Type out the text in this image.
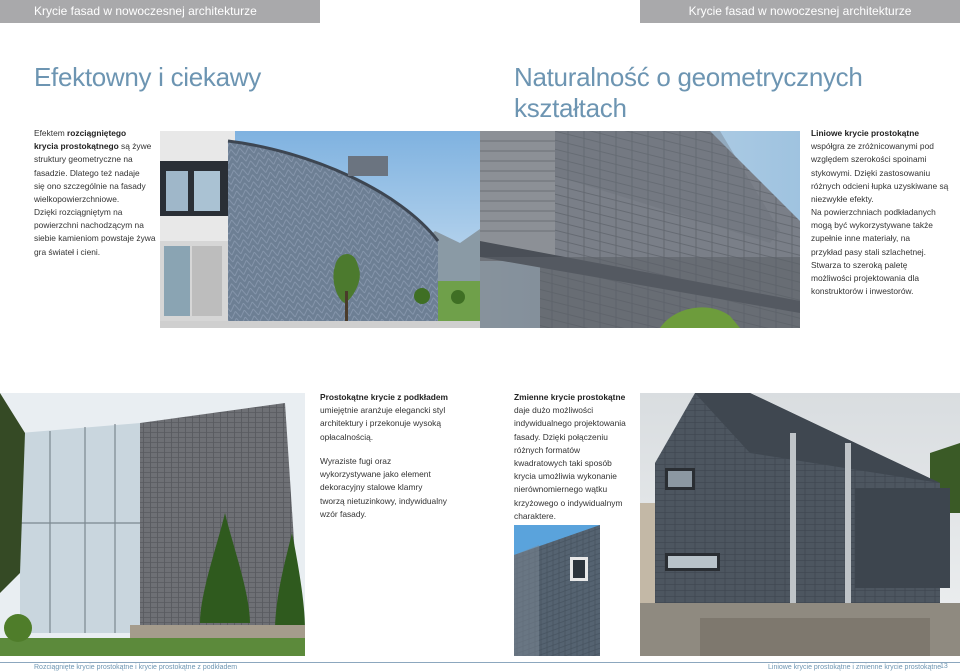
Krycie fasad w nowoczesnej architekturze	Krycie fasad w nowoczesnej architekturze
Efektowny i ciekawy	Naturalność o geometrycznych kształtach
Efektem rozciągniętego krycia prostokątnego są żywe struktury geometryczne na fasadzie. Dlatego też nadaje się ono szczególnie na fasady wielkopowierzchniowe.
Dzięki rozciągniętym na powierzchni nachodzącym na siebie kamieniom powstaje żywa gra świateł i cieni.
Liniowe krycie prostokątne współgra ze zróżnicowanymi pod względem szerokości spoinami stykowymi. Dzięki zastosowaniu różnych odcieni łupka uzyskiwane są niezwykłe efekty.
Na powierzchniach podkładanych mogą być wykorzystywane także zupełnie inne materiały, na przykład pasy stali szlachetnej. Stwarza to szeroką paletę możliwości projektowania dla konstruktorów i inwestorów.
Prostokątne krycie z podkładem umiejętnie aranżuje elegancki styl architektury i przekonuje wysoką opłacalnością.
Wyraziste fugi oraz wykorzystywane jako element dekoracyjny stalowe klamry tworzą nietuzinkowy, indywidualny wzór fasady.
Zmienne krycie prostokątne daje dużo możliwości indywidualnego projektowania fasady. Dzięki połączeniu różnych formatów kwadratowych taki sposób krycia umożliwia wykonanie nierównomiernego wątku krzyżowego o indywidualnym charaktere.
Rozciągnięte krycie prostokątne i krycie prostokątne z podkładem	Liniowe krycie prostokątne i zmienne krycie prostokątne
13
